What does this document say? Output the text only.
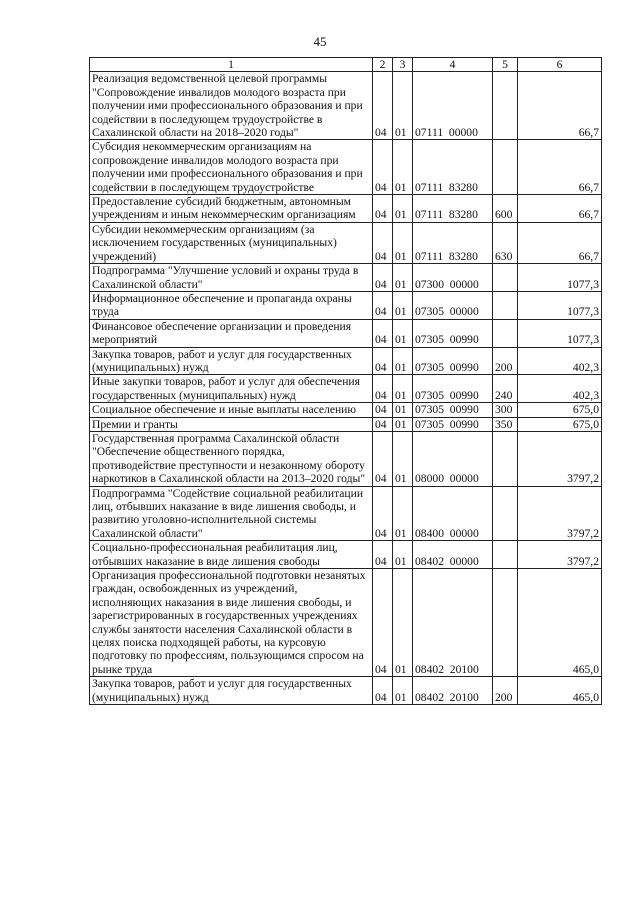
45
1	2	3	4	5	6
Реализация ведомственной целевой программы "Сопровождение инвалидов молодого возраста при получении ими профессионального образования и при содействии в последующем трудоустройстве в Сахалинской области на 2018–2020 годы"	04	01	07111  00000		66,7
Субсидия некоммерческим организациям на сопровождение инвалидов молодого возраста при получении ими профессионального образования и при содействии в последующем трудоустройстве	04	01	07111  83280		66,7
Предоставление субсидий бюджетным, автономным учреждениям и иным некоммерческим организациям	04	01	07111  83280	600	66,7
Субсидии некоммерческим организациям (за исключением государственных (муниципальных) учреждений)	04	01	07111  83280	630	66,7
Подпрограмма "Улучшение условий и охраны труда в Сахалинской области"	04	01	07300  00000		1077,3
Информационное обеспечение и пропаганда охраны труда	04	01	07305  00000		1077,3
Финансовое обеспечение организации и проведения мероприятий	04	01	07305  00990		1077,3
Закупка товаров, работ и услуг для государственных (муниципальных) нужд	04	01	07305  00990	200	402,3
Иные закупки товаров, работ и услуг для обеспечения государственных (муниципальных) нужд	04	01	07305  00990	240	402,3
Социальное обеспечение и иные выплаты населению	04	01	07305  00990	300	675,0
Премии и гранты	04	01	07305  00990	350	675,0
Государственная программа Сахалинской области "Обеспечение общественного порядка, противодействие преступности и незаконному обороту наркотиков в Сахалинской области на 2013–2020 годы"	04	01	08000  00000		3797,2
Подпрограмма "Содействие социальной реабилитации лиц, отбывших наказание в виде лишения свободы, и развитию уголовно-исполнительной системы Сахалинской области"	04	01	08400  00000		3797,2
Социально-профессиональная реабилитация лиц, отбывших наказание в виде лишения свободы	04	01	08402  00000		3797,2
Организация профессиональной подготовки незанятых граждан, освобожденных из учреждений, исполняющих наказания в виде лишения свободы, и зарегистрированных в государственных учреждениях службы занятости населения Сахалинской области в целях поиска подходящей работы, на курсовую подготовку по профессиям, пользующимся спросом на рынке труда	04	01	08402  20100		465,0
Закупка товаров, работ и услуг для государственных (муниципальных) нужд	04	01	08402  20100	200	465,0
